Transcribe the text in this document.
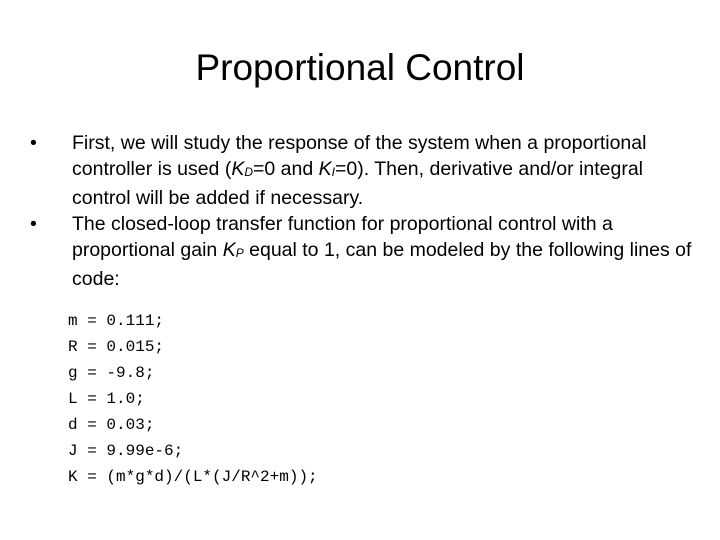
Proportional Control
• First, we will study the response of the system when a proportional controller is used (KD=0 and KI=0). Then, derivative and/or integral control will be added if necessary.
• The closed-loop transfer function for proportional control with a proportional gain KP equal to 1, can be modeled by the following lines of code:
m = 0.111;
R = 0.015;
g = -9.8;
L = 1.0;
d = 0.03;
J = 9.99e-6;
K = (m*g*d)/(L*(J/R^2+m));
